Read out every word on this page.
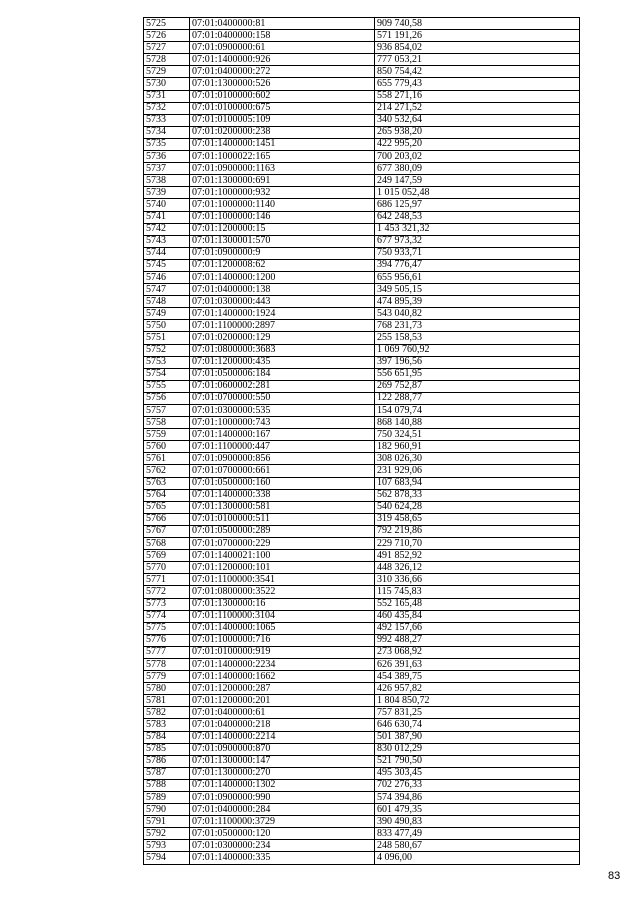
5725	07:01:0400000:81	909 740,58
5726	07:01:0400000:158	571 191,26
5727	07:01:0900000:61	936 854,02
5728	07:01:1400000:926	777 053,21
5729	07:01:0400000:272	850 754,42
5730	07:01:1300000:526	655 779,43
5731	07:01:0100000:602	558 271,16
5732	07:01:0100000:675	214 271,52
5733	07:01:0100005:109	340 532,64
5734	07:01:0200000:238	265 938,20
5735	07:01:1400000:1451	422 995,20
5736	07:01:1000022:165	700 203,02
5737	07:01:0900000:1163	677 380,09
5738	07:01:1300000:691	249 147,59
5739	07:01:1000000:932	1 015 052,48
5740	07:01:1000000:1140	686 125,97
5741	07:01:1000000:146	642 248,53
5742	07:01:1200000:15	1 453 321,32
5743	07:01:1300001:570	677 973,32
5744	07:01:0900000:9	750 933,71
5745	07:01:1200008:62	394 776,47
5746	07:01:1400000:1200	655 956,61
5747	07:01:0400000:138	349 505,15
5748	07:01:0300000:443	474 895,39
5749	07:01:1400000:1924	543 040,82
5750	07:01:1100000:2897	768 231,73
5751	07:01:0200000:129	255 158,53
5752	07:01:0800000:3683	1 069 760,92
5753	07:01:1200000:435	397 196,56
5754	07:01:0500006:184	556 651,95
5755	07:01:0600002:281	269 752,87
5756	07:01:0700000:550	122 288,77
5757	07:01:0300000:535	154 079,74
5758	07:01:1000000:743	868 140,88
5759	07:01:1400000:167	750 324,51
5760	07:01:1100000:447	182 960,91
5761	07:01:0900000:856	308 026,30
5762	07:01:0700000:661	231 929,06
5763	07:01:0500000:160	107 683,94
5764	07:01:1400000:338	562 878,33
5765	07:01:1300000:581	540 624,28
5766	07:01:0100000:511	319 458,65
5767	07:01:0500000:289	792 219,86
5768	07:01:0700000:229	229 710,70
5769	07:01:1400021:100	491 852,92
5770	07:01:1200000:101	448 326,12
5771	07:01:1100000:3541	310 336,66
5772	07:01:0800000:3522	115 745,83
5773	07:01:1300000:16	552 165,48
5774	07:01:1100000:3104	460 435,84
5775	07:01:1400000:1065	492 157,66
5776	07:01:1000000:716	992 488,27
5777	07:01:0100000:919	273 068,92
5778	07:01:1400000:2234	626 391,63
5779	07:01:1400000:1662	454 389,75
5780	07:01:1200000:287	426 957,82
5781	07:01:1200000:201	1 804 850,72
5782	07:01:0400000:61	757 831,25
5783	07:01:0400000:218	646 630,74
5784	07:01:1400000:2214	501 387,90
5785	07:01:0900000:870	830 012,29
5786	07:01:1300000:147	521 790,50
5787	07:01:1300000:270	495 303,45
5788	07:01:1400000:1302	702 276,33
5789	07:01:0900000:990	574 394,86
5790	07:01:0400000:284	601 479,35
5791	07:01:1100000:3729	390 490,83
5792	07:01:0500000:120	833 477,49
5793	07:01:0300000:234	248 580,67
5794	07:01:1400000:335	4 096,00
83
